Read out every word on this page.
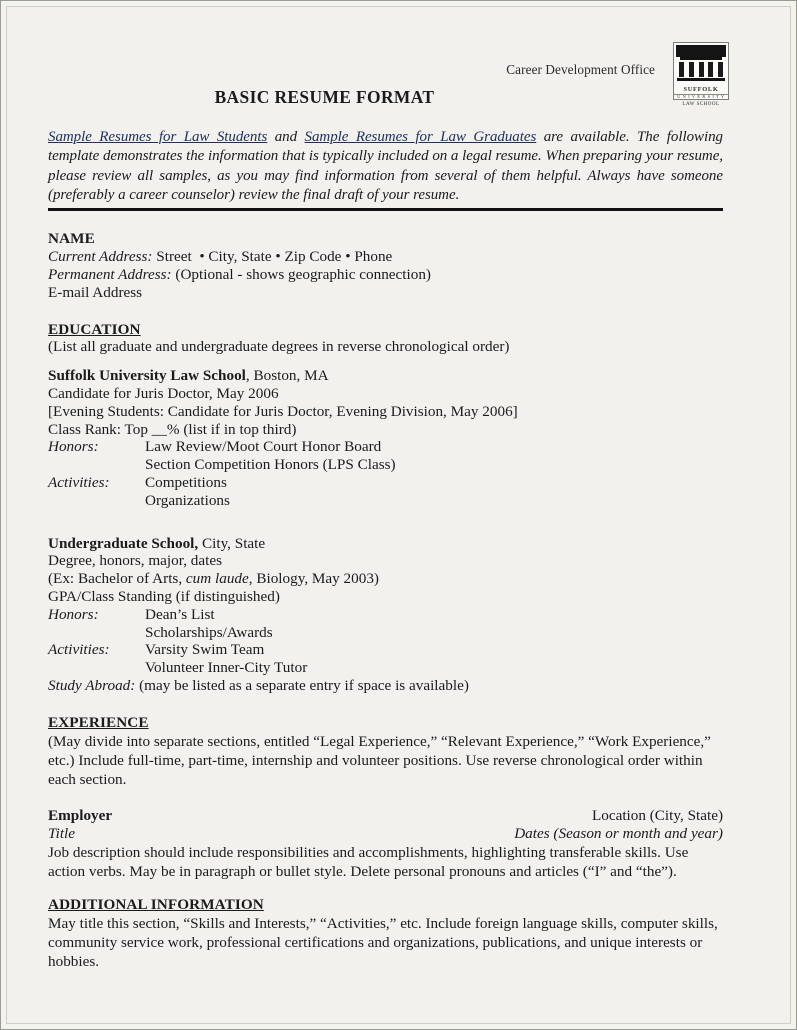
Career Development Office
SUFFOLK
U N I V E R S I T Y
LAW SCHOOL
BASIC RESUME FORMAT
Sample Resumes for Law Students and Sample Resumes for Law Graduates are available. The following template demonstrates the information that is typically included on a legal resume. When preparing your resume, please review all samples, as you may find information from several of them helpful. Always have someone (preferably a career counselor) review the final draft of your resume.
NAME
Current Address: Street  • City, State • Zip Code • Phone
Permanent Address: (Optional - shows geographic connection)
E-mail Address
EDUCATION
(List all graduate and undergraduate degrees in reverse chronological order)
Suffolk University Law School, Boston, MA
Candidate for Juris Doctor, May 2006
[Evening Students: Candidate for Juris Doctor, Evening Division, May 2006]
Class Rank: Top __% (list if in top third)
Honors:	Law Review/Moot Court Honor Board
Section Competition Honors (LPS Class)
Activities:	Competitions
Organizations
Undergraduate School, City, State
Degree, honors, major, dates
(Ex: Bachelor of Arts, cum laude, Biology, May 2003)
GPA/Class Standing (if distinguished)
Honors:	Dean’s List
Scholarships/Awards
Activities:	Varsity Swim Team
Volunteer Inner-City Tutor
Study Abroad: (may be listed as a separate entry if space is available)
EXPERIENCE
(May divide into separate sections, entitled “Legal Experience,” “Relevant Experience,” “Work Experience,” etc.) Include full-time, part-time, internship and volunteer positions. Use reverse chronological order within each section.
Employer	Location (City, State)
Title	Dates (Season or month and year)
Job description should include responsibilities and accomplishments, highlighting transferable skills. Use action verbs. May be in paragraph or bullet style. Delete personal pronouns and articles (“I” and “the”).
ADDITIONAL INFORMATION
May title this section, “Skills and Interests,” “Activities,” etc. Include foreign language skills, computer skills, community service work, professional certifications and organizations, publications, and unique interests or hobbies.
